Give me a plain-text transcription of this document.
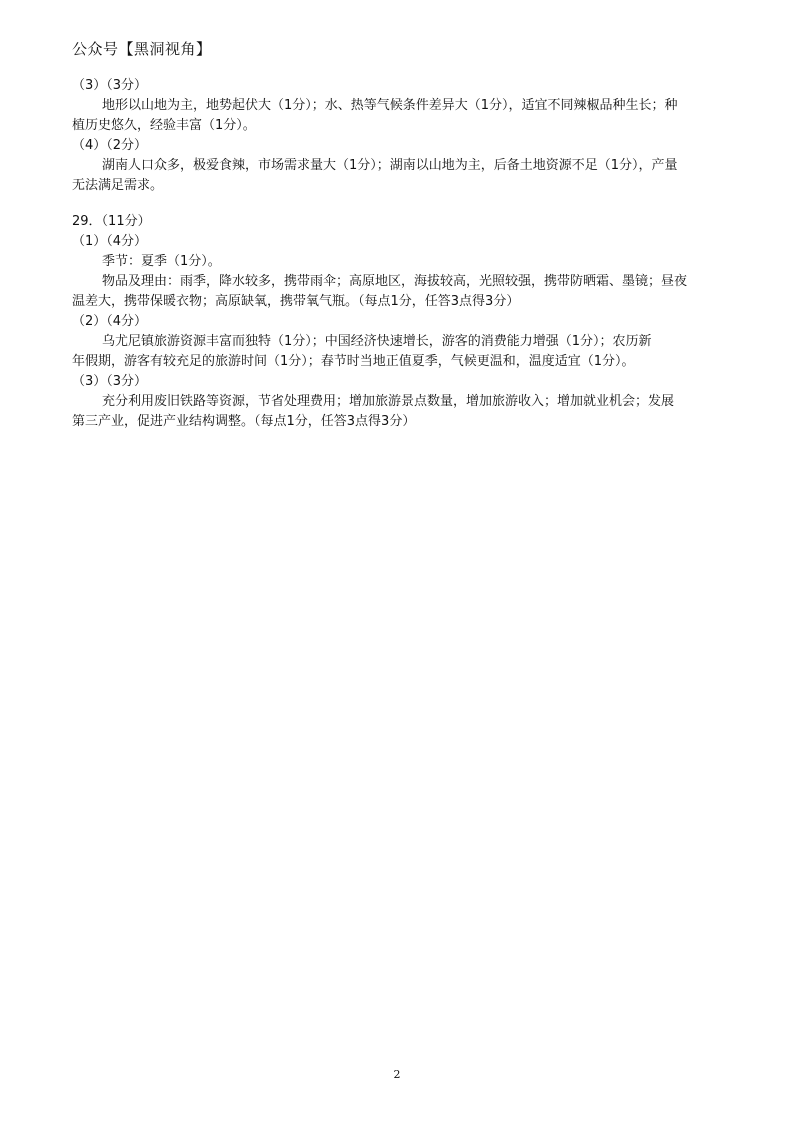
公众号【黑洞视角】
（3）（3分）
地形以山地为主，地势起伏大（1分）；水、热等气候条件差异大（1分），适宜不同辣椒品种生长；种
植历史悠久，经验丰富（1分）。
（4）（2分）
湖南人口众多，极爱食辣，市场需求量大（1分）；湖南以山地为主，后备土地资源不足（1分），产量
无法满足需求。
29．（11分）
（1）（4分）
季节：夏季（1分）。
物品及理由：雨季，降水较多，携带雨伞；高原地区，海拔较高，光照较强，携带防晒霜、墨镜；昼夜
温差大，携带保暖衣物；高原缺氧，携带氧气瓶。（每点1分，任答3点得3分）
（2）（4分）
乌尤尼镇旅游资源丰富而独特（1分）；中国经济快速增长，游客的消费能力增强（1分）；农历新
年假期，游客有较充足的旅游时间（1分）；春节时当地正值夏季，气候更温和，温度适宜（1分）。
（3）（3分）
充分利用废旧铁路等资源，节省处理费用；增加旅游景点数量，增加旅游收入；增加就业机会；发展
第三产业，促进产业结构调整。（每点1分，任答3点得3分）
2
